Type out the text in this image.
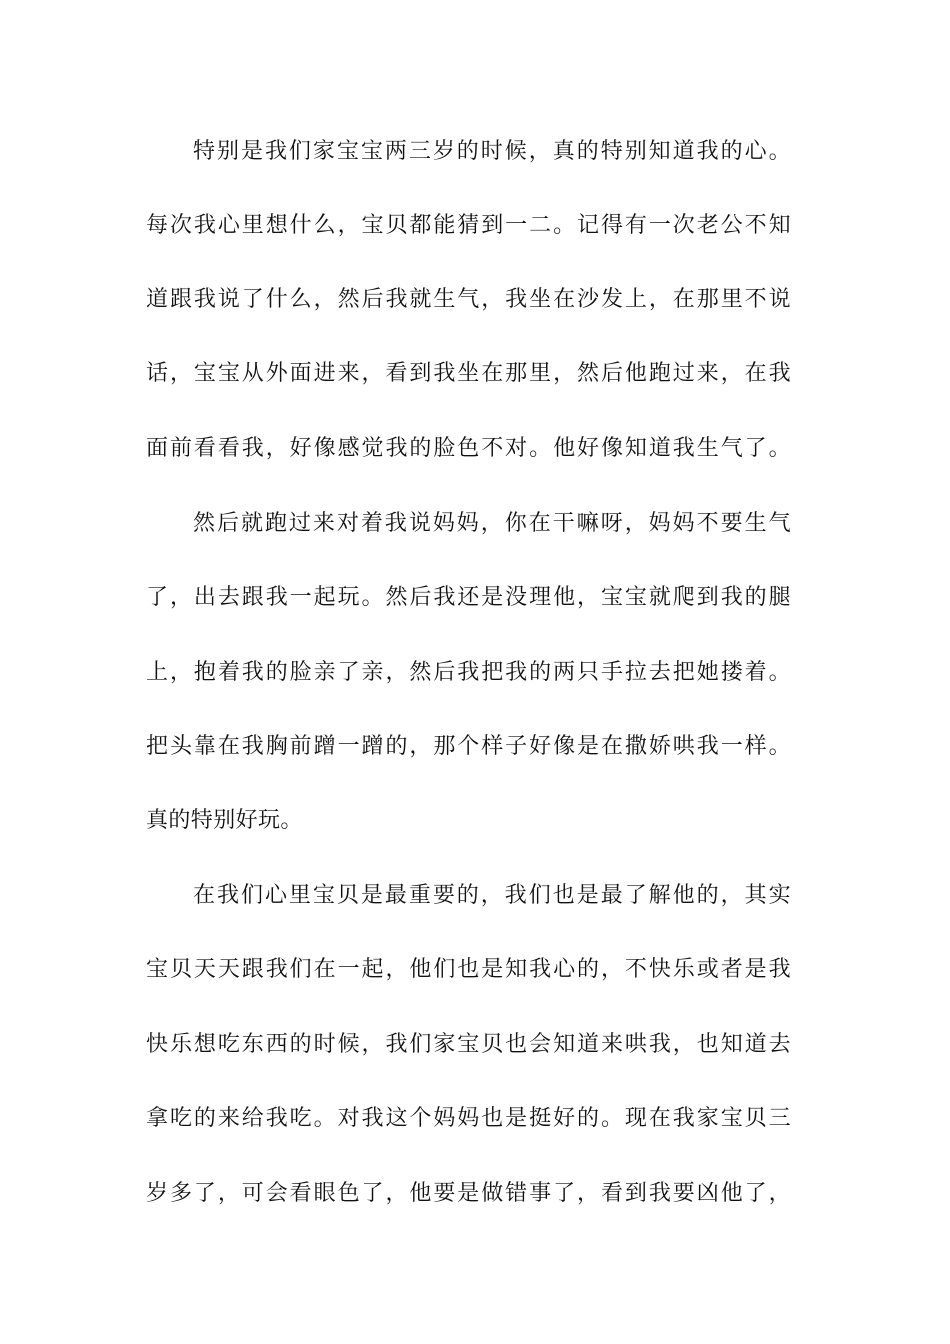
特别是我们家宝宝两三岁的时候，真的特别知道我的心。
每次我心里想什么，宝贝都能猜到一二。记得有一次老公不知
道跟我说了什么，然后我就生气，我坐在沙发上，在那里不说
话，宝宝从外面进来，看到我坐在那里，然后他跑过来，在我
面前看看我，好像感觉我的脸色不对。他好像知道我生气了。
然后就跑过来对着我说妈妈，你在干嘛呀，妈妈不要生气
了，出去跟我一起玩。然后我还是没理他，宝宝就爬到我的腿
上，抱着我的脸亲了亲，然后我把我的两只手拉去把她搂着。
把头靠在我胸前蹭一蹭的，那个样子好像是在撒娇哄我一样。
真的特别好玩。
在我们心里宝贝是最重要的，我们也是最了解他的，其实
宝贝天天跟我们在一起，他们也是知我心的，不快乐或者是我
快乐想吃东西的时候，我们家宝贝也会知道来哄我，也知道去
拿吃的来给我吃。对我这个妈妈也是挺好的。现在我家宝贝三
岁多了，可会看眼色了，他要是做错事了，看到我要凶他了，
